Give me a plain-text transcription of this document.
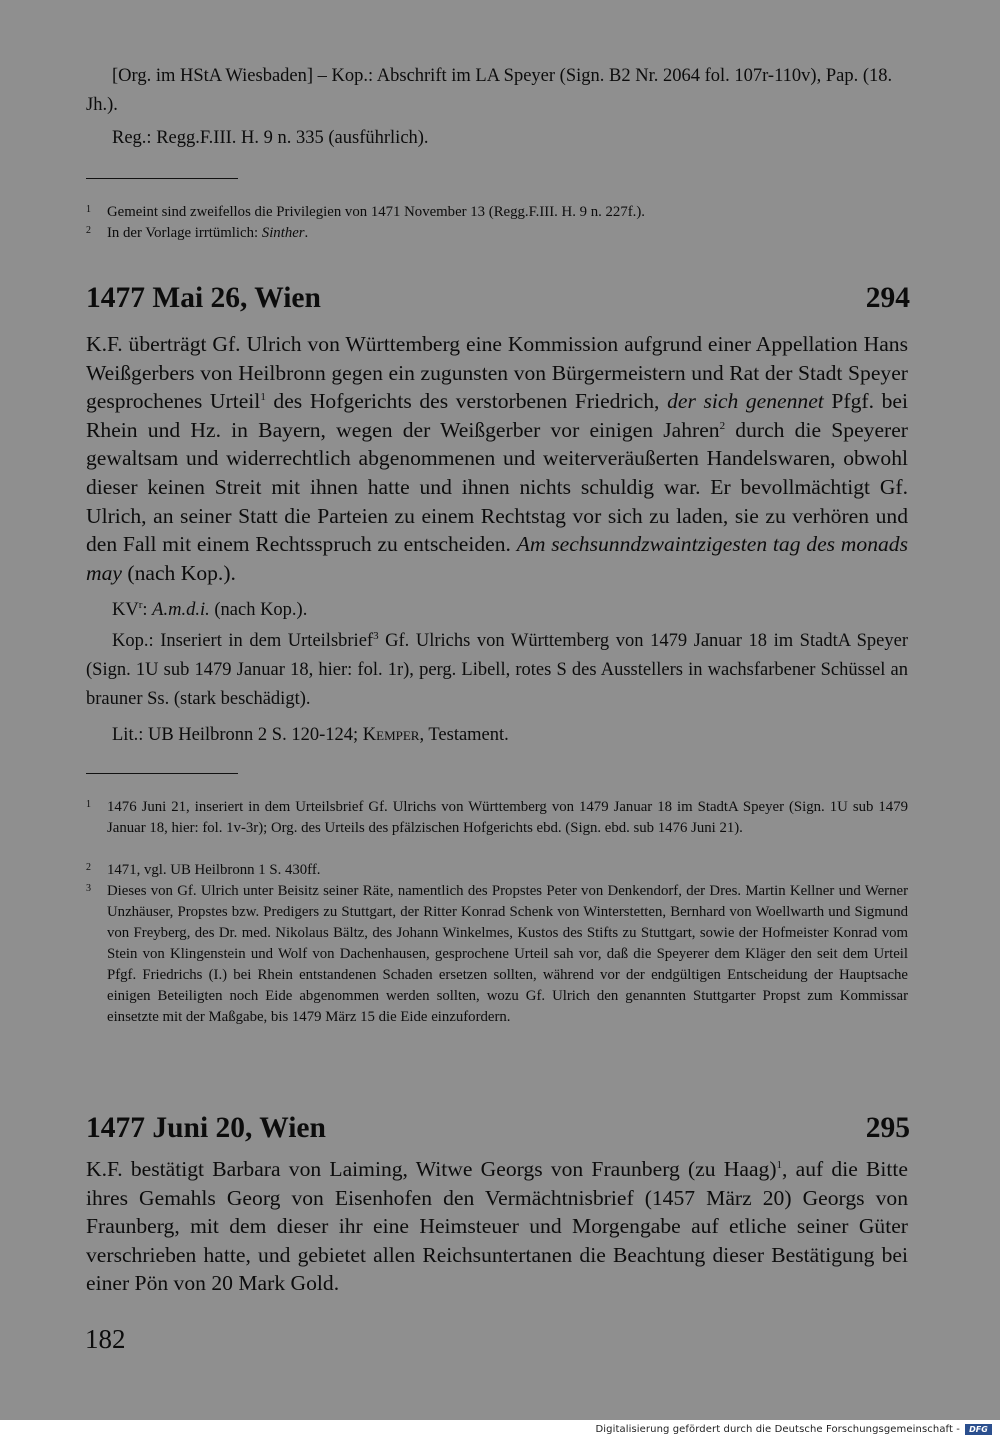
[Org. im HStA Wiesbaden] – Kop.: Abschrift im LA Speyer (Sign. B2 Nr. 2064 fol. 107r-110v), Pap. (18. Jh.).

Reg.: Regg.F.III. H. 9 n. 335 (ausführlich).

1 Gemeint sind zweifellos die Privilegien von 1471 November 13 (Regg.F.III. H. 9 n. 227f.).
2 In der Vorlage irrtümlich: Sinther.
1477 Mai 26, Wien	294

K.F. überträgt Gf. Ulrich von Württemberg eine Kommission aufgrund einer Appellation Hans Weißgerbers von Heilbronn gegen ein zugunsten von Bürgermeistern und Rat der Stadt Speyer gesprochenes Urteil$^1$ des Hofgerichts des verstorbenen Friedrich, der sich genennet Pfgf. bei Rhein und Hz. in Bayern, wegen der Weißgerber vor einigen Jahren$^2$ durch die Speyerer gewaltsam und widerrechtlich abgenommenen und weiterveräußerten Handelswaren, obwohl dieser keinen Streit mit ihnen hatte und ihnen nichts schuldig war. Er bevollmächtigt Gf. Ulrich, an seiner Statt die Parteien zu einem Rechtstag vor sich zu laden, sie zu verhören und den Fall mit einem Rechtsspruch zu entscheiden. Am sechsunndzwaintzigesten tag des monads may (nach Kop.).

$KV^r$: A.m.d.i. (nach Kop.).

Kop.: Inseriert in dem Urteilsbrief$^3$ Gf. Ulrichs von Württemberg von 1479 Januar 18 im StadtA Speyer (Sign. 1U sub 1479 Januar 18, hier: fol. 1r), perg. Libell, rotes S des Ausstellers in wachsfarbener Schüssel an brauner Ss. (stark beschädigt).

Lit.: UB Heilbronn 2 S. 120-124; Kemper, Testament.

1 1476 Juni 21, inseriert in dem Urteilsbrief Gf. Ulrichs von Württemberg von 1479 Januar 18 im StadtA Speyer (Sign. 1U sub 1479 Januar 18, hier: fol. 1v-3r); Org. des Urteils des pfälzischen Hofgerichts ebd. (Sign. ebd. sub 1476 Juni 21).
2 1471, vgl. UB Heilbronn 1 S. 430ff.
3 Dieses von Gf. Ulrich unter Beisitz seiner Räte, namentlich des Propstes Peter von Denkendorf, der Dres. Martin Kellner und Werner Unzhäuser, Propstes bzw. Predigers zu Stuttgart, der Ritter Konrad Schenk von Winterstetten, Bernhard von Woellwarth und Sigmund von Freyberg, des Dr. med. Nikolaus Bältz, des Johann Winkelmes, Kustos des Stifts zu Stuttgart, sowie der Hofmeister Konrad vom Stein von Klingenstein und Wolf von Dachenhausen, gesprochene Urteil sah vor, daß die Speyerer dem Kläger den seit dem Urteil Pfgf. Friedrichs (I.) bei Rhein entstandenen Schaden ersetzen sollten, während vor der endgültigen Entscheidung der Hauptsache einigen Beteiligten noch Eide abgenommen werden sollten, wozu Gf. Ulrich den genannten Stuttgarter Propst zum Kommissar einsetzte mit der Maßgabe, bis 1479 März 15 die Eide einzufordern.
1477 Juni 20, Wien	295

K.F. bestätigt Barbara von Laiming, Witwe Georgs von Fraunberg (zu Haag)$^1$, auf die Bitte ihres Gemahls Georg von Eisenhofen den Vermächtnisbrief (1457 März 20) Georgs von Fraunberg, mit dem dieser ihr eine Heimsteuer und Morgengabe auf etliche seiner Güter verschrieben hatte, und gebietet allen Reichsuntertanen die Beachtung dieser Bestätigung bei einer Pön von 20 Mark Gold.

182
Digitalisierung gefördert durch die Deutsche Forschungsgemeinschaft -	DFG
